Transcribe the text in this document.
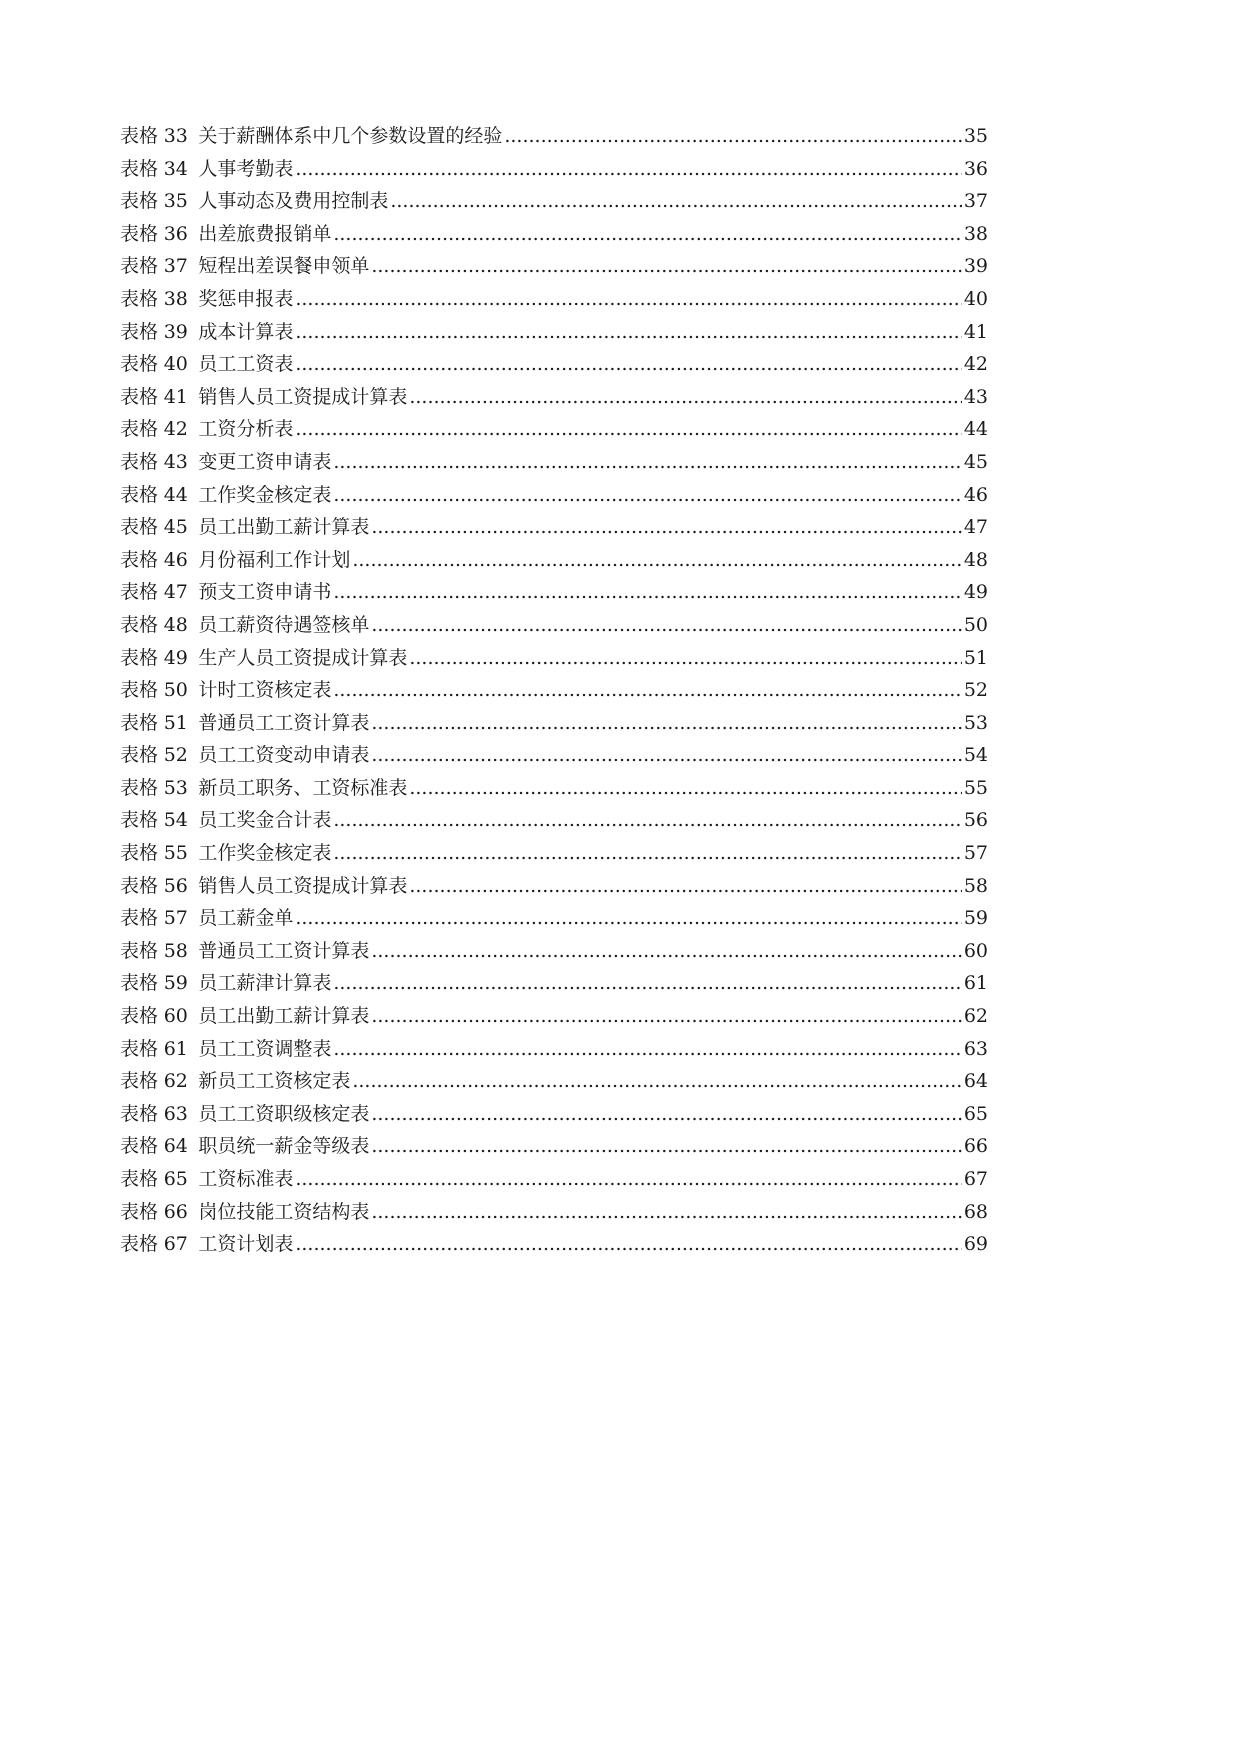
表格 33 关于薪酬体系中几个参数设置的经验 .....	35
表格 34 人事考勤表 .....	36
表格 35 人事动态及费用控制表 .....	37
表格 36 出差旅费报销单 .....	38
表格 37 短程出差误餐申领单 .....	39
表格 38 奖惩申报表 .....	40
表格 39 成本计算表 .....	41
表格 40 员工工资表 .....	42
表格 41 销售人员工资提成计算表 .....	43
表格 42 工资分析表 .....	44
表格 43 变更工资申请表 .....	45
表格 44 工作奖金核定表 .....	46
表格 45 员工出勤工薪计算表 .....	47
表格 46 月份福利工作计划 .....	48
表格 47 预支工资申请书 .....	49
表格 48 员工薪资待遇签核单 .....	50
表格 49 生产人员工资提成计算表 .....	51
表格 50 计时工资核定表 .....	52
表格 51 普通员工工资计算表 .....	53
表格 52 员工工资变动申请表 .....	54
表格 53 新员工职务、工资标准表 .....	55
表格 54 员工奖金合计表 .....	56
表格 55 工作奖金核定表 .....	57
表格 56 销售人员工资提成计算表 .....	58
表格 57 员工薪金单 .....	59
表格 58 普通员工工资计算表 .....	60
表格 59 员工薪津计算表 .....	61
表格 60 员工出勤工薪计算表 .....	62
表格 61 员工工资调整表 .....	63
表格 62 新员工工资核定表 .....	64
表格 63 员工工资职级核定表 .....	65
表格 64 职员统一薪金等级表 .....	66
表格 65 工资标准表 .....	67
表格 66 岗位技能工资结构表 .....	68
表格 67 工资计划表 .....	69
